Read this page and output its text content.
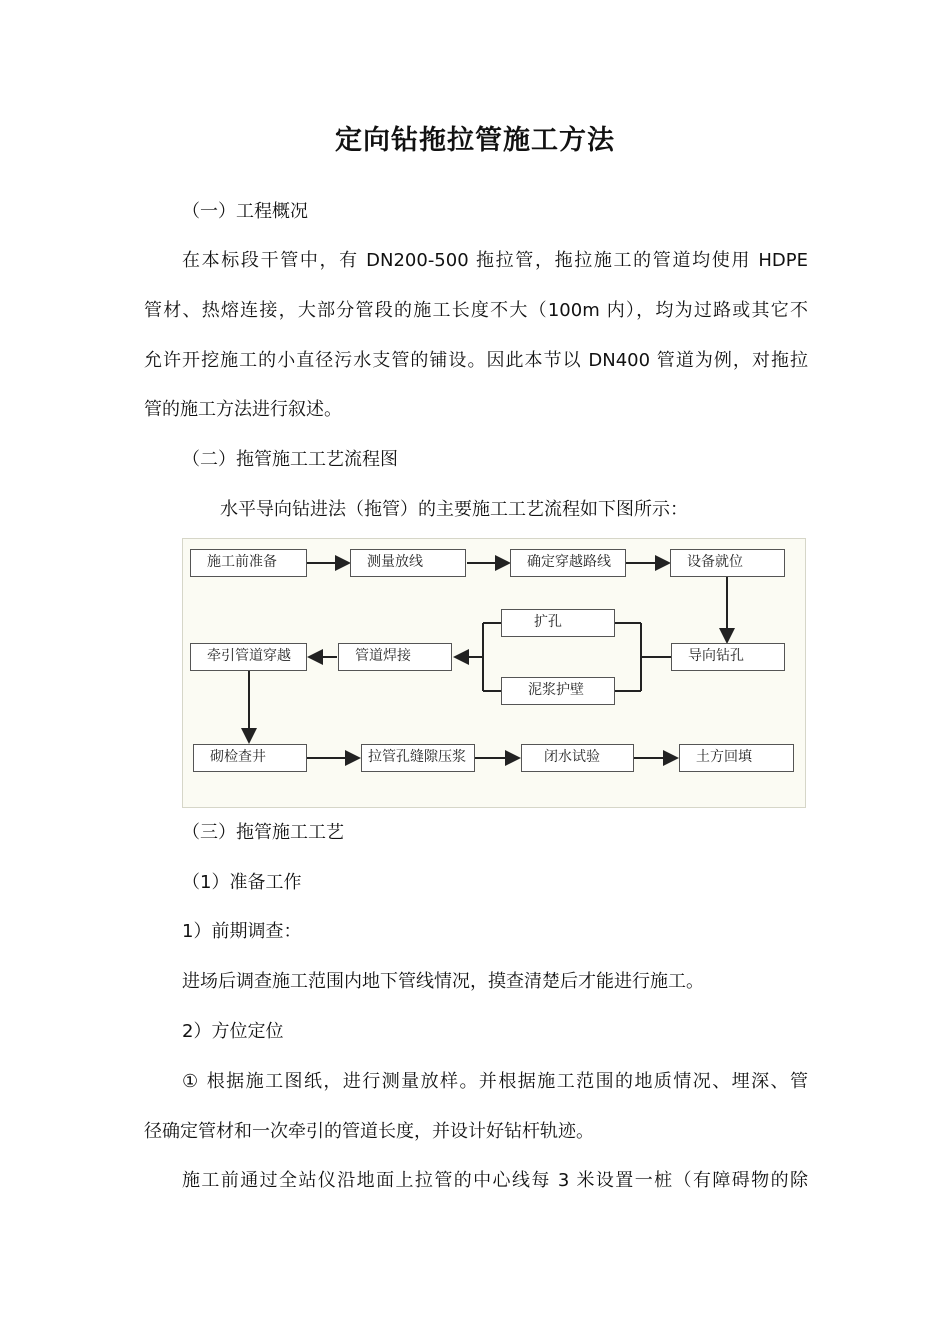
定向钻拖拉管施工方法
（一）工程概况
在本标段干管中，有 DN200-500 拖拉管，拖拉施工的管道均使用 HDPE
管材、热熔连接，大部分管段的施工长度不大（100m 内），均为过路或其它不
允许开挖施工的小直径污水支管的铺设。因此本节以 DN400 管道为例，对拖拉
管的施工方法进行叙述。
（二）拖管施工工艺流程图
水平导向钻进法（拖管）的主要施工工艺流程如下图所示：
施工前准备	测量放线	确定穿越路线	设备就位
扩孔
牵引管道穿越	管道焊接	导向钻孔
泥浆护壁
砌检查井	拉管孔缝隙压浆	闭水试验	土方回填
（三）拖管施工工艺
（1）准备工作
1）前期调查：
进场后调查施工范围内地下管线情况，摸查清楚后才能进行施工。
2）方位定位
① 根据施工图纸，进行测量放样。并根据施工范围的地质情况、埋深、管
径确定管材和一次牵引的管道长度，并设计好钻杆轨迹。
施工前通过全站仪沿地面上拉管的中心线每 3 米设置一桩（有障碍物的除
